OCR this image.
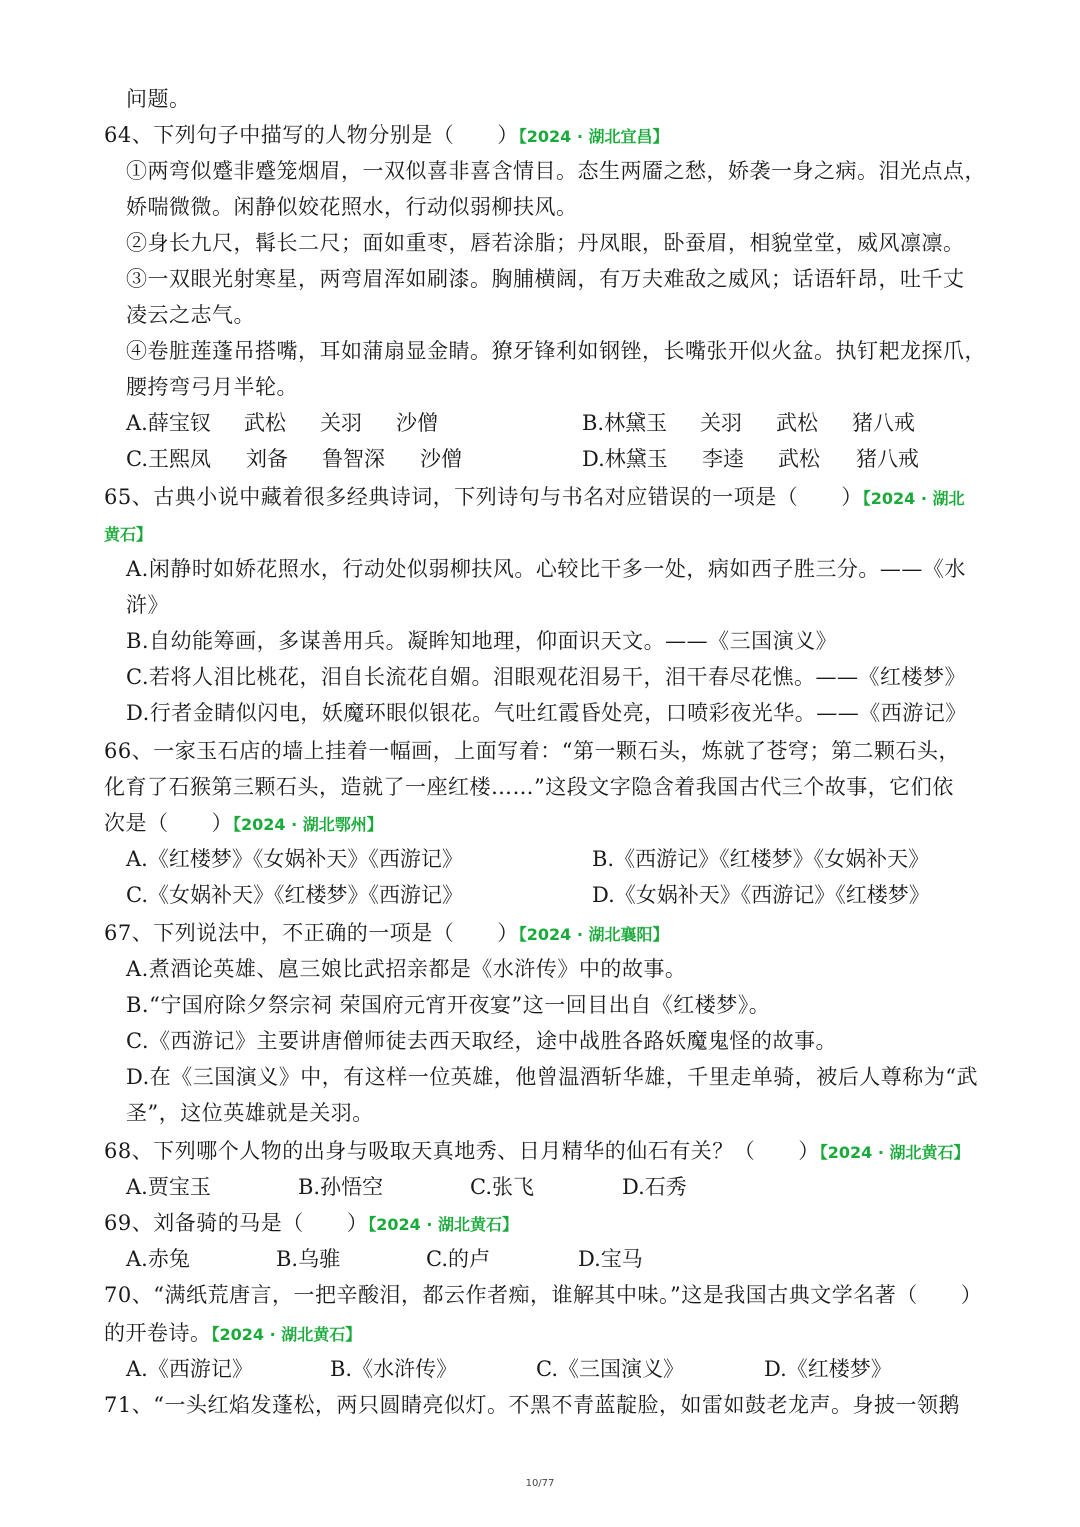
问题。
64、下列句子中描写的人物分别是（　　）【2024 · 湖北宜昌】
①两弯似蹙非蹙笼烟眉，一双似喜非喜含情目。态生两靥之愁，娇袭一身之病。泪光点点，
娇喘微微。闲静似姣花照水，行动似弱柳扶风。
②身长九尺，髯长二尺；面如重枣，唇若涂脂；丹凤眼，卧蚕眉，相貌堂堂，威风凛凛。
③一双眼光射寒星，两弯眉浑如刷漆。胸脯横阔，有万夫难敌之威风；话语轩昂，吐千丈
凌云之志气。
④卷脏莲蓬吊搭嘴，耳如蒲扇显金睛。獠牙锋利如钢锉，长嘴张开似火盆。执钉耙龙探爪，
腰挎弯弓月半轮。
A.薛宝钗 武松 关羽 沙僧	B.林黛玉 关羽 武松 猪八戒
C.王熙凤 刘备 鲁智深 沙僧	D.林黛玉 李逵 武松 猪八戒
65、古典小说中藏着很多经典诗词，下列诗句与书名对应错误的一项是（　　）【2024 · 湖北
黄石】
A.闲静时如娇花照水，行动处似弱柳扶风。心较比干多一处，病如西子胜三分。——《水
浒》
B.自幼能筹画，多谋善用兵。凝眸知地理，仰面识天文。——《三国演义》
C.若将人泪比桃花，泪自长流花自媚。泪眼观花泪易干，泪干春尽花憔。——《红楼梦》
D.行者金睛似闪电，妖魔环眼似银花。气吐红霞昏处亮，口喷彩夜光华。——《西游记》
66、一家玉石店的墙上挂着一幅画，上面写着：“第一颗石头，炼就了苍穹；第二颗石头，
化育了石猴第三颗石头，造就了一座红楼……”这段文字隐含着我国古代三个故事，它们依
次是（　　）【2024 · 湖北鄂州】
A.《红楼梦》《女娲补天》《西游记》	B.《西游记》《红楼梦》《女娲补天》
C.《女娲补天》《红楼梦》《西游记》	D.《女娲补天》《西游记》《红楼梦》
67、下列说法中，不正确的一项是（　　）【2024 · 湖北襄阳】
A.煮酒论英雄、扈三娘比武招亲都是《水浒传》中的故事。
B.“宁国府除夕祭宗祠 荣国府元宵开夜宴”这一回目出自《红楼梦》。
C.《西游记》主要讲唐僧师徒去西天取经，途中战胜各路妖魔鬼怪的故事。
D.在《三国演义》中，有这样一位英雄，他曾温酒斩华雄，千里走单骑，被后人尊称为“武
圣”，这位英雄就是关羽。
68、下列哪个人物的出身与吸取天真地秀、日月精华的仙石有关？（　　）【2024 · 湖北黄石】
A.贾宝玉	B.孙悟空	C.张飞	D.石秀
69、刘备骑的马是（　　）【2024 · 湖北黄石】
A.赤兔	B.乌骓	C.的卢	D.宝马
70、“满纸荒唐言，一把辛酸泪，都云作者痴，谁解其中味。”这是我国古典文学名著（　　）
的开卷诗。【2024 · 湖北黄石】
A.《西游记》	B.《水浒传》	C.《三国演义》	D.《红楼梦》
71、“一头红焰发蓬松，两只圆睛亮似灯。不黑不青蓝靛脸，如雷如鼓老龙声。身披一领鹅
10/77
